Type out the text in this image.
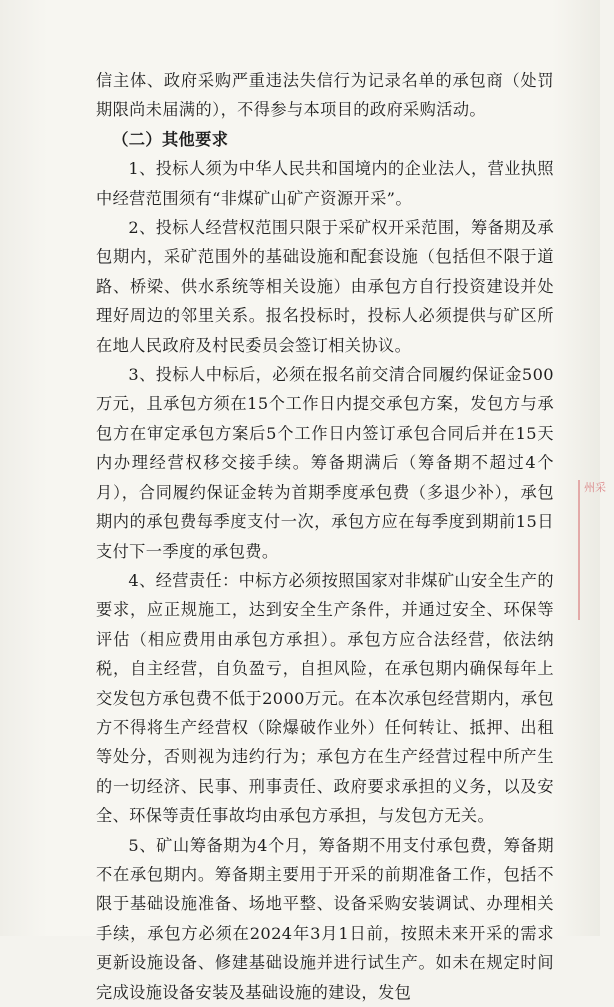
信主体、政府采购严重违法失信行为记录名单的承包商（处罚期限尚未届满的），不得参与本项目的政府采购活动。

（二）其他要求

1、投标人须为中华人民共和国境内的企业法人，营业执照中经营范围须有“非煤矿山矿产资源开采”。

2、投标人经营权范围只限于采矿权开采范围，筹备期及承包期内，采矿范围外的基础设施和配套设施（包括但不限于道路、桥梁、供水系统等相关设施）由承包方自行投资建设并处理好周边的邻里关系。报名投标时，投标人必须提供与矿区所在地人民政府及村民委员会签订相关协议。

3、投标人中标后，必须在报名前交清合同履约保证金500万元，且承包方须在15个工作日内提交承包方案，发包方与承包方在审定承包方案后5个工作日内签订承包合同后并在15天内办理经营权移交接手续。筹备期满后（筹备期不超过4个月），合同履约保证金转为首期季度承包费（多退少补），承包期内的承包费每季度支付一次，承包方应在每季度到期前15日支付下一季度的承包费。

4、经营责任：中标方必须按照国家对非煤矿山安全生产的要求，应正规施工，达到安全生产条件，并通过安全、环保等评估（相应费用由承包方承担）。承包方应合法经营，依法纳税，自主经营，自负盈亏，自担风险，在承包期内确保每年上交发包方承包费不低于2000万元。在本次承包经营期内，承包方不得将生产经营权（除爆破作业外）任何转让、抵押、出租等处分，否则视为违约行为；承包方在生产经营过程中所产生的一切经济、民事、刑事责任、政府要求承担的义务，以及安全、环保等责任事故均由承包方承担，与发包方无关。

5、矿山筹备期为4个月，筹备期不用支付承包费，筹备期不在承包期内。筹备期主要用于开采的前期准备工作，包括不限于基础设施准备、场地平整、设备采购安装调试、办理相关手续，承包方必须在2024年3月1日前，按照未来开采的需求更新设施设备、修建基础设施并进行试生产。如未在规定时间完成设施设备安装及基础设施的建设，发包

州采
